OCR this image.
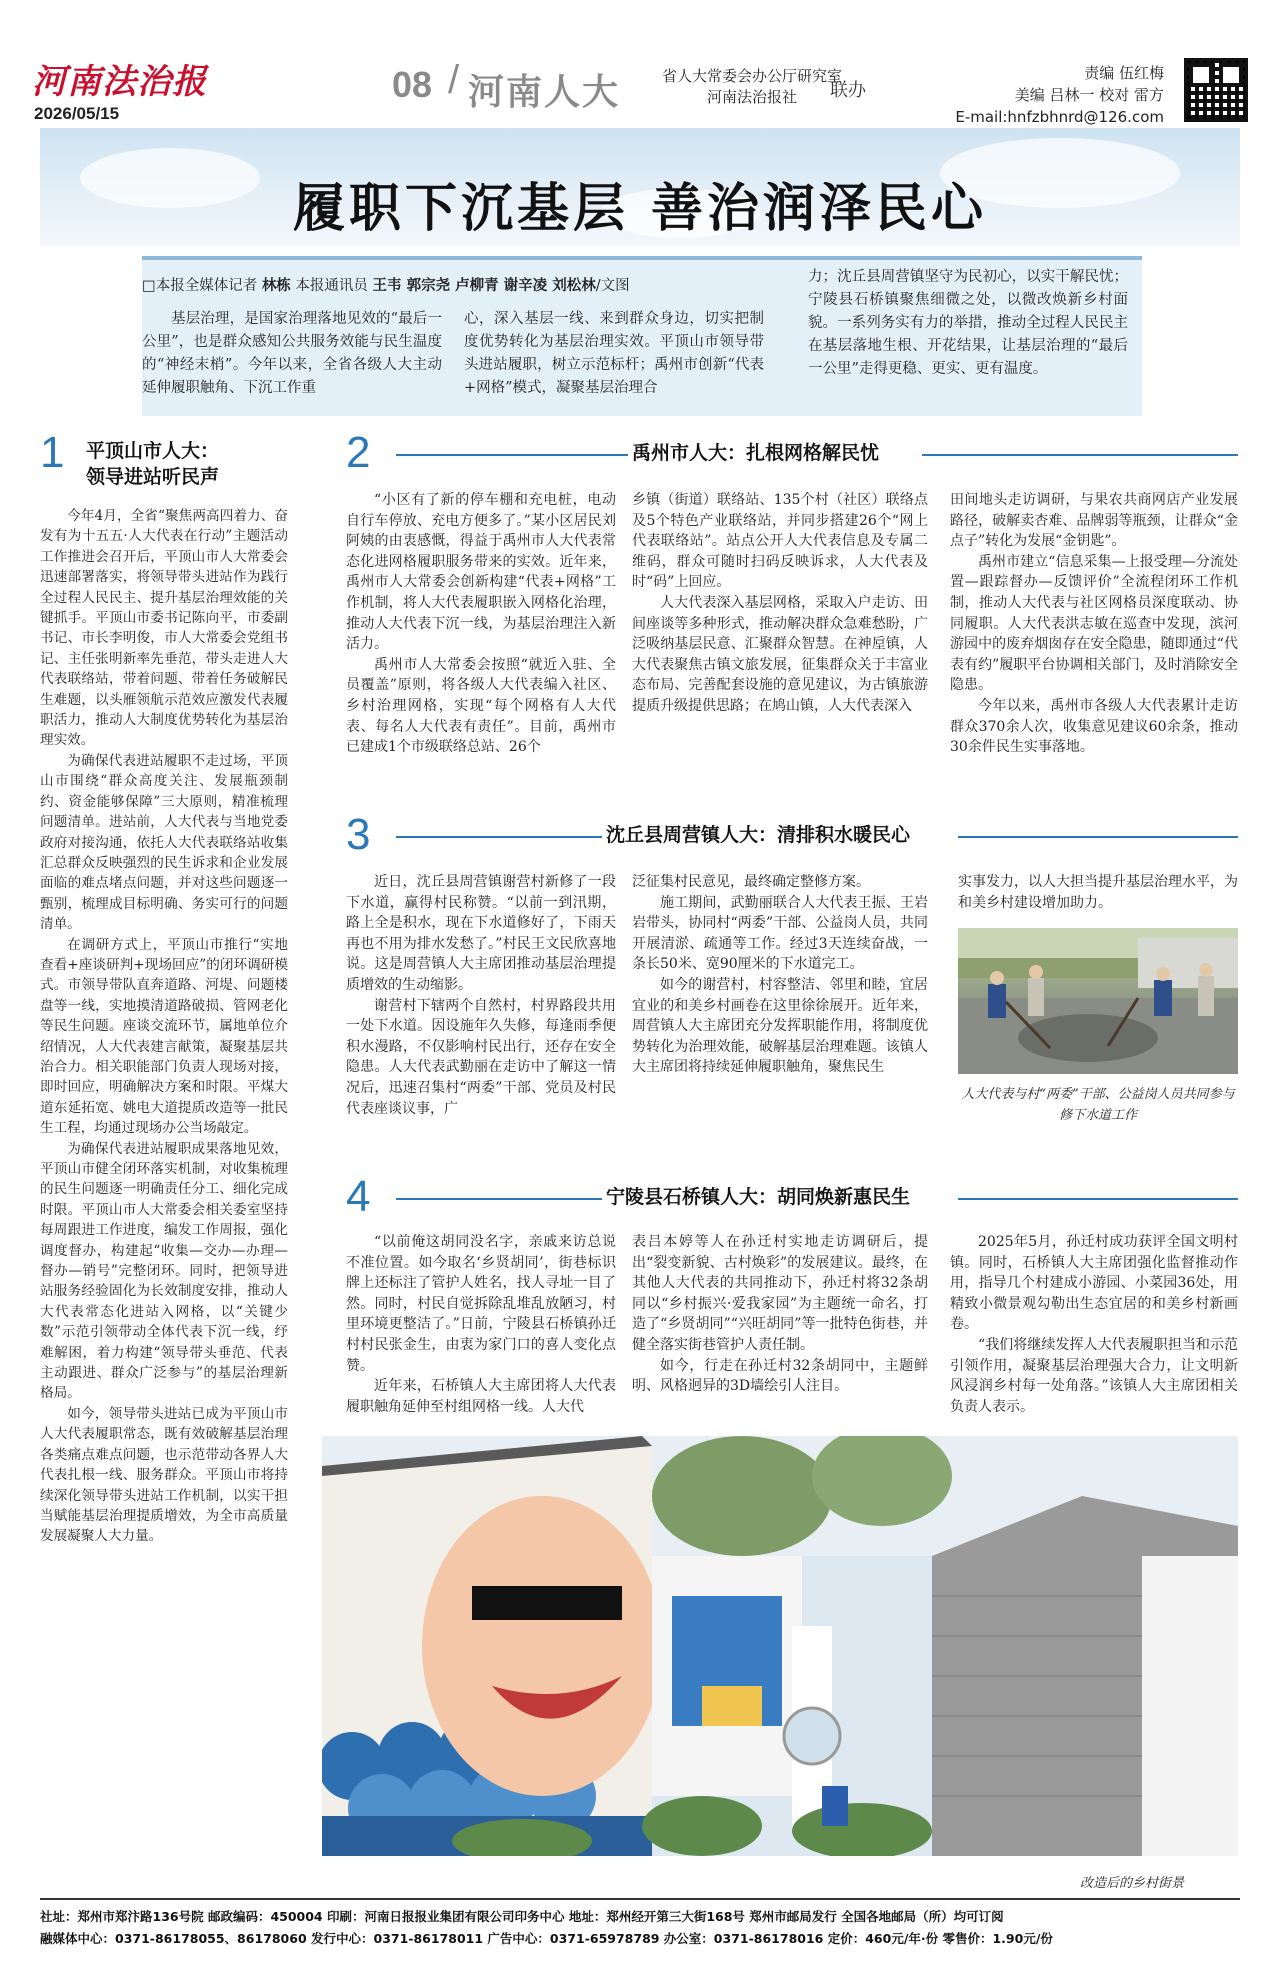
河南法治报
2026/05/15
08 / 河南人大	省人大常委会办公厅研究室
河南法治报社	联办
责编 伍红梅
美编 吕林一 校对 雷方
E-mail:hnfzbhnrd@126.com
履职下沉基层 善治润泽民心
□本报全媒体记者 林栋 本报通讯员 王韦 郭宗尧 卢柳青 谢辛凌 刘松林/文图
基层治理，是国家治理落地见效的“最后一公里”，也是群众感知公共服务效能与民生温度的“神经末梢”。今年以来，全省各级人大主动延伸履职触角、下沉工作重
心，深入基层一线、来到群众身边，切实把制度优势转化为基层治理实效。平顶山市领导带头进站履职，树立示范标杆；禹州市创新“代表+网格”模式，凝聚基层治理合
力；沈丘县周营镇坚守为民初心，以实干解民忧；宁陵县石桥镇聚焦细微之处，以微改焕新乡村面貌。一系列务实有力的举措，推动全过程人民民主在基层落地生根、开花结果，让基层治理的“最后一公里”走得更稳、更实、更有温度。
1 平顶山市人大：
领导进站听民声

今年4月，全省“聚焦两高四着力、奋发有为十五五·人大代表在行动”主题活动工作推进会召开后，平顶山市人大常委会迅速部署落实，将领导带头进站作为践行全过程人民民主、提升基层治理效能的关键抓手。平顶山市委书记陈向平，市委副书记、市长李明俊，市人大常委会党组书记、主任张明新率先垂范，带头走进人大代表联络站，带着问题、带着任务破解民生难题，以头雁领航示范效应激发代表履职活力，推动人大制度优势转化为基层治理实效。

为确保代表进站履职不走过场，平顶山市围绕“群众高度关注、发展瓶颈制约、资金能够保障”三大原则，精准梳理问题清单。进站前，人大代表与当地党委政府对接沟通，依托人大代表联络站收集汇总群众反映强烈的民生诉求和企业发展面临的难点堵点问题，并对这些问题逐一甄别，梳理成目标明确、务实可行的问题清单。

在调研方式上，平顶山市推行“实地查看+座谈研判+现场回应”的闭环调研模式。市领导带队直奔道路、河堤、问题楼盘等一线，实地摸清道路破损、管网老化等民生问题。座谈交流环节，属地单位介绍情况，人大代表建言献策，凝聚基层共治合力。相关职能部门负责人现场对接，即时回应，明确解决方案和时限。平煤大道东延拓宽、姚电大道提质改造等一批民生工程，均通过现场办公当场敲定。

为确保代表进站履职成果落地见效，平顶山市健全闭环落实机制，对收集梳理的民生问题逐一明确责任分工、细化完成时限。平顶山市人大常委会相关委室坚持每周跟进工作进度，编发工作周报，强化调度督办，构建起“收集—交办—办理—督办—销号”完整闭环。同时，把领导进站服务经验固化为长效制度安排，推动人大代表常态化进站入网格，以“关键少数”示范引领带动全体代表下沉一线，纾难解困，着力构建“领导带头垂范、代表主动跟进、群众广泛参与”的基层治理新格局。

如今，领导带头进站已成为平顶山市人大代表履职常态，既有效破解基层治理各类痛点难点问题，也示范带动各界人大代表扎根一线、服务群众。平顶山市将持续深化领导带头进站工作机制，以实干担当赋能基层治理提质增效，为全市高质量发展凝聚人大力量。

2	禹州市人大：扎根网格解民忧

“小区有了新的停车棚和充电桩，电动自行车停放、充电方便多了。”某小区居民刘阿姨的由衷感慨，得益于禹州市人大代表常态化进网格履职服务带来的实效。近年来，禹州市人大常委会创新构建“代表+网格”工作机制，将人大代表履职嵌入网格化治理，推动人大代表下沉一线，为基层治理注入新活力。

禹州市人大常委会按照“就近入驻、全员覆盖”原则，将各级人大代表编入社区、乡村治理网格，实现“每个网格有人大代表、每名人大代表有责任”。目前，禹州市已建成1个市级联络总站、26个

乡镇（街道）联络站、135个村（社区）联络点及5个特色产业联络站，并同步搭建26个“网上代表联络站”。站点公开人大代表信息及专属二维码，群众可随时扫码反映诉求，人大代表及时“码”上回应。

人大代表深入基层网格，采取入户走访、田间座谈等多种形式，推动解决群众急难愁盼，广泛吸纳基层民意、汇聚群众智慧。在神垕镇，人大代表聚焦古镇文旅发展，征集群众关于丰富业态布局、完善配套设施的意见建议，为古镇旅游提质升级提供思路；在鸠山镇，人大代表深入

田间地头走访调研，与果农共商网店产业发展路径，破解卖杏难、品牌弱等瓶颈，让群众“金点子”转化为发展“金钥匙”。

禹州市建立“信息采集—上报受理—分流处置—跟踪督办—反馈评价”全流程闭环工作机制，推动人大代表与社区网格员深度联动、协同履职。人大代表洪志敏在巡查中发现，滨河游园中的废弃烟囱存在安全隐患，随即通过“代表有约”履职平台协调相关部门，及时消除安全隐患。

今年以来，禹州市各级人大代表累计走访群众370余人次，收集意见建议60余条，推动30余件民生实事落地。

3	沈丘县周营镇人大：清排积水暖民心

近日，沈丘县周营镇谢营村新修了一段下水道，赢得村民称赞。“以前一到汛期，路上全是积水，现在下水道修好了，下雨天再也不用为排水发愁了。”村民王文民欣喜地说。这是周营镇人大主席团推动基层治理提质增效的生动缩影。

谢营村下辖两个自然村，村界路段共用一处下水道。因设施年久失修，每逢雨季便积水漫路，不仅影响村民出行，还存在安全隐患。人大代表武勤丽在走访中了解这一情况后，迅速召集村“两委”干部、党员及村民代表座谈议事，广

泛征集村民意见，最终确定整修方案。

施工期间，武勤丽联合人大代表王振、王岩岩带头，协同村“两委”干部、公益岗人员，共同开展清淤、疏通等工作。经过3天连续奋战，一条长50米、宽90厘米的下水道完工。

如今的谢营村，村容整洁、邻里和睦，宜居宜业的和美乡村画卷在这里徐徐展开。近年来，周营镇人大主席团充分发挥职能作用，将制度优势转化为治理效能，破解基层治理难题。该镇人大主席团将持续延伸履职触角，聚焦民生

实事发力，以人大担当提升基层治理水平，为和美乡村建设增加助力。

人大代表与村“两委”干部、公益岗人员共同参与修下水道工作
4	宁陵县石桥镇人大：胡同焕新惠民生

“以前俺这胡同没名字，亲戚来访总说不准位置。如今取名‘乡贤胡同’，街巷标识牌上还标注了管护人姓名，找人寻址一目了然。同时，村民自觉拆除乱堆乱放陋习，村里环境更整洁了。”日前，宁陵县石桥镇孙迁村村民张金生，由衷为家门口的喜人变化点赞。

近年来，石桥镇人大主席团将人大代表履职触角延伸至村组网格一线。人大代

表吕本婷等人在孙迁村实地走访调研后，提出“裂变新貌、古村焕彩”的发展建议。最终，在其他人大代表的共同推动下，孙迁村将32条胡同以“乡村振兴·爱我家园”为主题统一命名，打造了“乡贤胡同”“兴旺胡同”等一批特色街巷，并健全落实街巷管护人责任制。

如今，行走在孙迁村32条胡同中，主题鲜明、风格迥异的3D墙绘引人注目。

2025年5月，孙迁村成功获评全国文明村镇。同时，石桥镇人大主席团强化监督推动作用，指导几个村建成小游园、小菜园36处，用精致小微景观勾勒出生态宜居的和美乡村新画卷。

“我们将继续发挥人大代表履职担当和示范引领作用，凝聚基层治理强大合力，让文明新风浸润乡村每一处角落。”该镇人大主席团相关负责人表示。

改造后的乡村街景
社址：郑州市郑汴路136号院 邮政编码：450004 印刷：河南日报报业集团有限公司印务中心 地址：郑州经开第三大街168号 郑州市邮局发行 全国各地邮局（所）均可订阅
融媒体中心：0371-86178055、86178060 发行中心：0371-86178011 广告中心：0371-65978789 办公室：0371-86178016 定价：460元/年·份 零售价：1.90元/份
